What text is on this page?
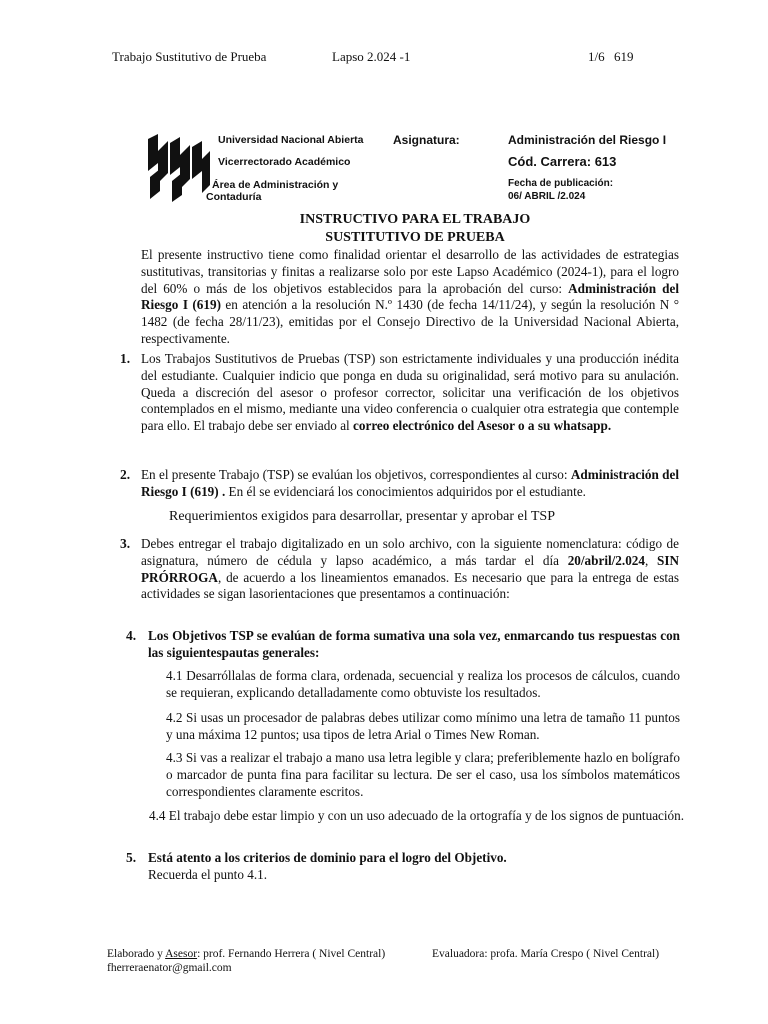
Trabajo Sustitutivo de Prueba	Lapso 2.024 -1	1/6 619
Universidad Nacional Abierta
Vicerrectorado Académico
Área de Administración y
Contaduría
Asignatura:	Administración del Riesgo I
Cód. Carrera: 613
Fecha de publicación:
06/ ABRIL /2.024
INSTRUCTIVO PARA EL TRABAJO
SUSTITUTIVO DE PRUEBA
El presente instructivo tiene como finalidad orientar el desarrollo de las actividades de estrategias sustitutivas, transitorias y finitas a realizarse solo por este Lapso Académico (2024-1), para el logro del 60% o más de los objetivos establecidos para la aprobación del curso: Administración del Riesgo I (619) en atención a la resolución N.º 1430 (de fecha 14/11/24), y según la resolución N ° 1482 (de fecha 28/11/23), emitidas por el Consejo Directivo de la Universidad Nacional Abierta, respectivamente.
1. Los Trabajos Sustitutivos de Pruebas (TSP) son estrictamente individuales y una producción inédita del estudiante. Cualquier indicio que ponga en duda su originalidad, será motivo para su anulación. Queda a discreción del asesor o profesor corrector, solicitar una verificación de los objetivos contemplados en el mismo, mediante una video conferencia o cualquier otra estrategia que contemple para ello. El trabajo debe ser enviado al correo electrónico del Asesor o a su whatsapp.
2. En el presente Trabajo (TSP) se evalúan los objetivos, correspondientes al curso: Administración del Riesgo I (619) . En él se evidenciará los conocimientos adquiridos por el estudiante.
Requerimientos exigidos para desarrollar, presentar y aprobar el TSP
3. Debes entregar el trabajo digitalizado en un solo archivo, con la siguiente nomenclatura: código de asignatura, número de cédula y lapso académico, a más tardar el día 20/abril/2.024, SIN PRÓRROGA, de acuerdo a los lineamientos emanados. Es necesario que para la entrega de estas actividades se sigan lasorientaciones que presentamos a continuación:
4. Los Objetivos TSP se evalúan de forma sumativa una sola vez, enmarcando tus respuestas con las siguientespautas generales:
4.1 Desarróllalas de forma clara, ordenada, secuencial y realiza los procesos de cálculos, cuando se requieran, explicando detalladamente como obtuviste los resultados.
4.2 Si usas un procesador de palabras debes utilizar como mínimo una letra de tamaño 11 puntos y una máxima 12 puntos; usa tipos de letra Arial o Times New Roman.
4.3 Si vas a realizar el trabajo a mano usa letra legible y clara; preferiblemente hazlo en bolígrafo o marcador de punta fina para facilitar su lectura. De ser el caso, usa los símbolos matemáticos correspondientes claramente escritos.
4.4 El trabajo debe estar limpio y con un uso adecuado de la ortografía y de los signos de puntuación.
5. Está atento a los criterios de dominio para el logro del Objetivo.
Recuerda el punto 4.1.
Elaborado y Asesor: prof. Fernando Herrera ( Nivel Central)	Evaluadora: profa. María Crespo ( Nivel Central)
fherreraenator@gmail.com
